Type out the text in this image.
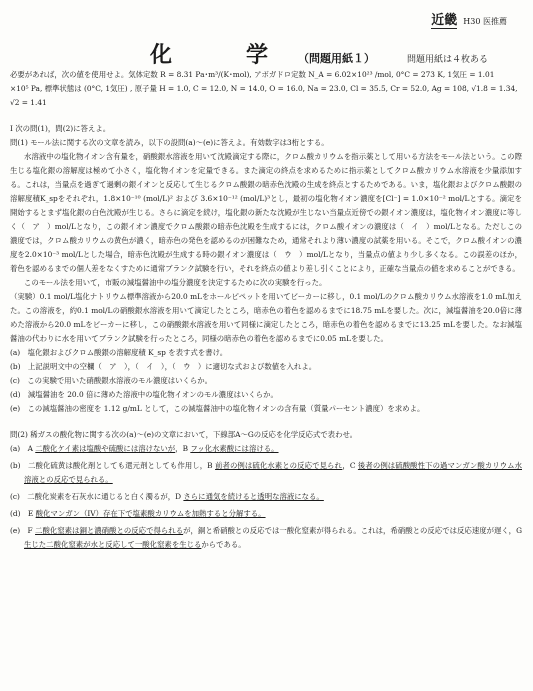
近畿 H30 医推薦
化　学 （問題用紙１）	問題用紙は４枚ある

必要があれば，次の値を使用せよ。気体定数 R = 8.31 Pa･m³/(K･mol), アボガドロ定数 N_A = 6.02×10²³ /mol, 0°C = 273 K, 1気圧 = 1.01

×10⁵ Pa, 標準状態は (0°C, 1気圧) , 原子量 H = 1.0, C = 12.0, N = 14.0, O = 16.0, Na = 23.0, Cl = 35.5, Cr = 52.0, Ag = 108, √1.8 = 1.34,

√2 = 1.41

Ⅰ 次の問(1)，問(2)に答えよ。

問(1) モール法に関する次の文章を読み，以下の設問(a)～(e)に答えよ。有効数字は3桁とする。

水溶液中の塩化物イオン含有量を，硝酸銀水溶液を用いて沈殿滴定する際に，クロム酸カリウムを指示薬として用いる方法をモール法という。この際生じる塩化銀の溶解度は極めて小さく，塩化物イオンを定量できる。また滴定の終点を求めるために指示薬としてクロム酸カリウム水溶液を少量添加する。これは，当量点を過ぎて過剰の銀イオンと反応して生じるクロム酸銀の暗赤色沈殿の生成を終点とするためである。いま，塩化銀およびクロム酸銀の溶解度積K_spをそれぞれ，1.8×10⁻¹⁰ (mol/L)² および 3.6×10⁻¹² (mol/L)³とし，最初の塩化物イオン濃度を[Cl⁻] = 1.0×10⁻² mol/Lとする。滴定を開始するとまず塩化銀の白色沈殿が生じる。さらに滴定を続け，塩化銀の新たな沈殿が生じない当量点近傍での銀イオン濃度は，塩化物イオン濃度に等しく（　ア　）mol/Lとなり，この銀イオン濃度でクロム酸銀の暗赤色沈殿を生成するには，クロム酸イオンの濃度は（　イ　）mol/Lとなる。ただしこの濃度では，クロム酸カリウムの黄色が濃く，暗赤色の発色を認めるのが困難なため，通常それより薄い濃度の試薬を用いる。そこで，クロム酸イオンの濃度を2.0×10⁻³ mol/Lとした場合，暗赤色沈殿が生成する時の銀イオン濃度は（　ウ　）mol/Lとなり，当量点の値より少し多くなる。この誤差のほか，着色を認めるまでの個人差をなくすために通常ブランク試験を行い，それを終点の値より差し引くことにより，正確な当量点の値を求めることができる。

このモール法を用いて，市販の減塩醤油中の塩分濃度を決定するために次の実験を行った。

（実験）0.1 mol/L塩化ナトリウム標準溶液から20.0 mLをホールピペットを用いてビーカーに移し，0.1 mol/Lのクロム酸カリウム水溶液を1.0 mL加えた。この溶液を，約0.1 mol/Lの硝酸銀水溶液を用いて滴定したところ，暗赤色の着色を認めるまでに18.75 mLを要した。次に，減塩醤油を20.0倍に薄めた溶液から20.0 mLをビーカーに移し，この硝酸銀水溶液を用いて同様に滴定したところ，暗赤色の着色を認めるまでに13.25 mLを要した。なお減塩醤油の代わりに水を用いてブランク試験を行ったところ，同様の暗赤色の着色を認めるまでに0.05 mLを要した。

(a)　塩化銀およびクロム酸銀の溶解度積 K_sp を表す式を書け。

(b)　上記説明文中の空欄（　ア　），（　イ　），（　ウ　）に適切な式および数値を入れよ。

(c)　この実験で用いた硝酸銀水溶液のモル濃度はいくらか。

(d)　減塩醤油を 20.0 倍に薄めた溶液中の塩化物イオンのモル濃度はいくらか。

(e)　この減塩醤油の密度を 1.12 g/mL として，この減塩醤油中の塩化物イオンの含有量（質量パーセント濃度）を求めよ。

問(2) 稀ガスの酸化物に関する次の(a)～(e)の文章において，下線部A～Gの反応を化学反応式で表わせ。

(a)　A 二酸化ケイ素は塩酸や硫酸には溶けないが，B フッ化水素酸には溶ける。

(b)　二酸化硫黄は酸化剤としても還元剤としても作用し，B 前者の例は硫化水素との反応で見られ，C 後者の例は硫酸酸性下の過マンガン酸カリウム水溶液との反応で見られる。

(c)　二酸化炭素を石灰水に通じると白く濁るが，D さらに通気を続けると透明な溶液になる。

(d)　E 酸化マンガン（IV）存在下で塩素酸カリウムを加熱すると分解する。

(e)　F 二酸化窒素は銅と濃硝酸との反応で得られるが，銅と希硝酸との反応では一酸化窒素が得られる。これは，希硝酸との反応では反応速度が遅く，G 生じた二酸化窒素が水と反応して一酸化窒素を生じるからである。
